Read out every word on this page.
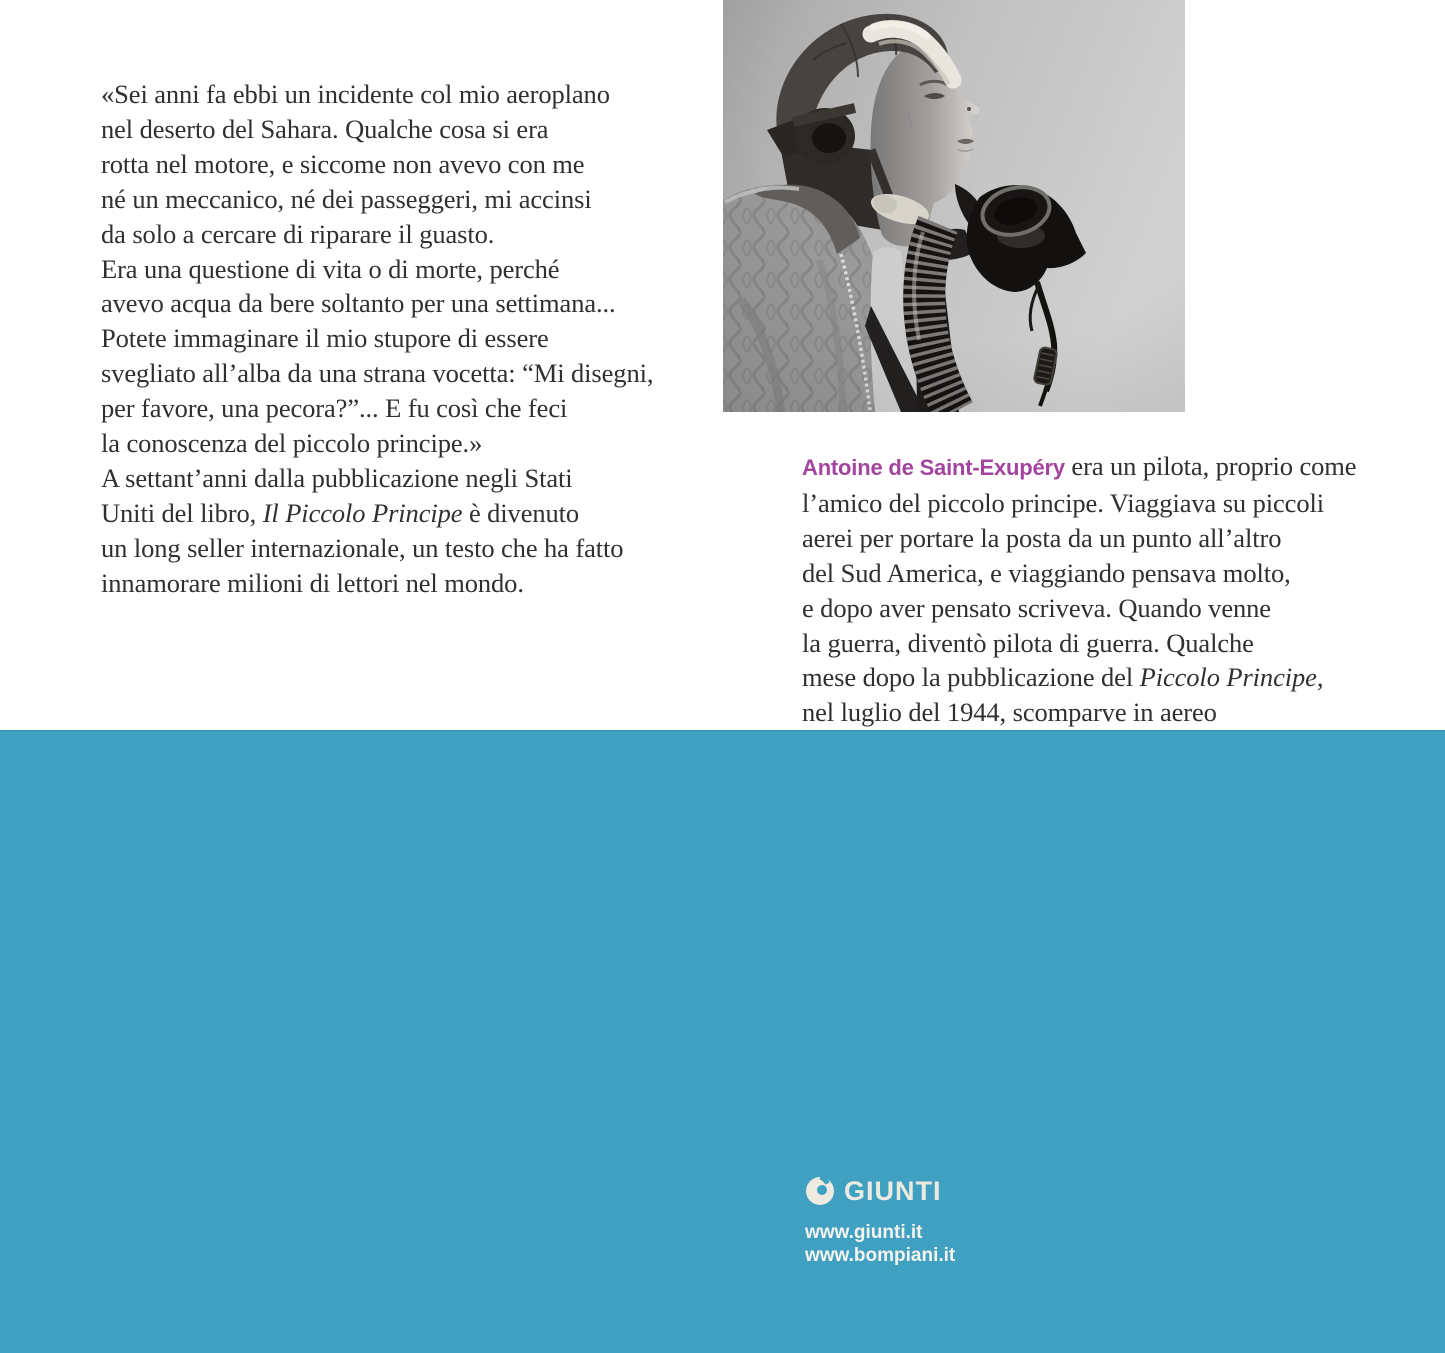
«Sei anni fa ebbi un incidente col mio aeroplano

nel deserto del Sahara. Qualche cosa si era

rotta nel motore, e siccome non avevo con me

né un meccanico, né dei passeggeri, mi accinsi

da solo a cercare di riparare il guasto.

Era una questione di vita o di morte, perché

avevo acqua da bere soltanto per una settimana...

Potete immaginare il mio stupore di essere

svegliato all’alba da una strana vocetta: “Mi disegni,

per favore, una pecora?”... E fu così che feci

la conoscenza del piccolo principe.»

A settant’anni dalla pubblicazione negli Stati

Uniti del libro, Il Piccolo Principe è divenuto

un long seller internazionale, un testo che ha fatto

innamorare milioni di lettori nel mondo.

Antoine de Saint-Exupéry era un pilota, proprio come

l’amico del piccolo principe. Viaggiava su piccoli

aerei per portare la posta da un punto all’altro

del Sud America, e viaggiando pensava molto,

e dopo aver pensato scriveva. Quando venne

la guerra, diventò pilota di guerra. Qualche

mese dopo la pubblicazione del Piccolo Principe,

nel luglio del 1944, scomparve in aereo

GIUNTI
www.giunti.it
www.bompiani.it
